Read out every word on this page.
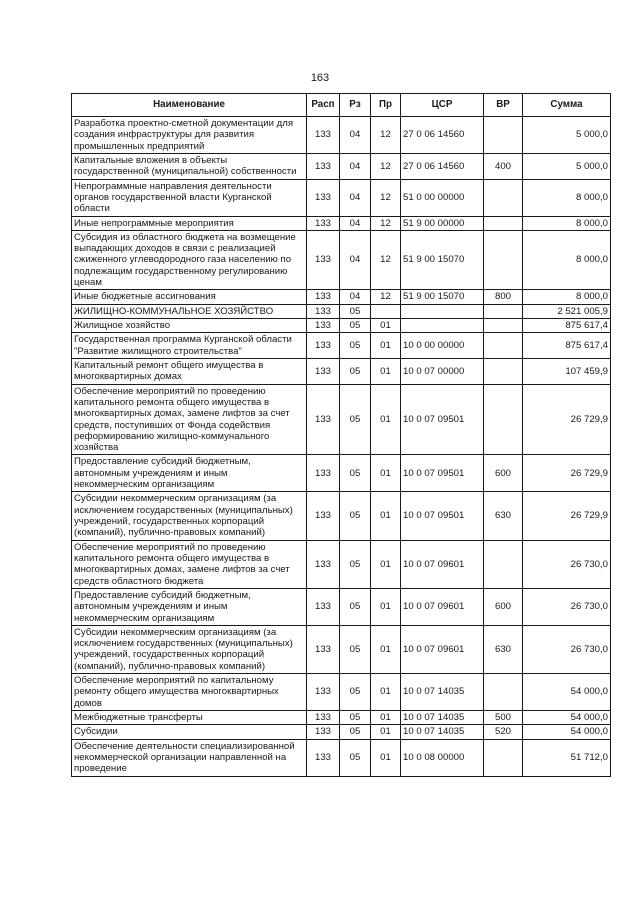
163
Наименование	Расп	Рз	Пр	ЦСР	ВР	Сумма
Разработка проектно-сметной документации для создания инфраструктуры для развития промышленных предприятий	133	04	12	27 0 06 14560		5 000,0
Капитальные вложения в объекты государственной (муниципальной) собственности	133	04	12	27 0 06 14560	400	5 000,0
Непрограммные направления деятельности органов государственной власти Курганской области	133	04	12	51 0 00 00000		8 000,0
Иные непрограммные мероприятия	133	04	12	51 9 00 00000		8 000,0
Субсидия из областного бюджета на возмещение выпадающих доходов в связи с реализацией сжиженного углеводородного газа населению по подлежащим государственному регулированию ценам	133	04	12	51 9 00 15070		8 000,0
Иные бюджетные ассигнования	133	04	12	51 9 00 15070	800	8 000,0
ЖИЛИЩНО-КОММУНАЛЬНОЕ ХОЗЯЙСТВО	133	05				2 521 005,9
Жилищное хозяйство	133	05	01			875 617,4
Государственная программа Курганской области "Развитие жилищного строительства"	133	05	01	10 0 00 00000		875 617,4
Капитальный ремонт общего имущества в многоквартирных домах	133	05	01	10 0 07 00000		107 459,9
Обеспечение мероприятий по проведению капитального ремонта общего имущества в многоквартирных домах, замене лифтов за счет средств, поступивших от Фонда содействия реформированию жилищно-коммунального хозяйства	133	05	01	10 0 07 09501		26 729,9
Предоставление субсидий бюджетным, автономным учреждениям и иным некоммерческим организациям	133	05	01	10 0 07 09501	600	26 729,9
Субсидии некоммерческим организациям (за исключением государственных (муниципальных) учреждений, государственных корпораций (компаний), публично-правовых компаний)	133	05	01	10 0 07 09501	630	26 729,9
Обеспечение мероприятий по проведению капитального ремонта общего имущества в многоквартирных домах, замене лифтов за счет средств областного бюджета	133	05	01	10 0 07 09601		26 730,0
Предоставление субсидий бюджетным, автономным учреждениям и иным некоммерческим организациям	133	05	01	10 0 07 09601	600	26 730,0
Субсидии некоммерческим организациям (за исключением государственных (муниципальных) учреждений, государственных корпораций (компаний), публично-правовых компаний)	133	05	01	10 0 07 09601	630	26 730,0
Обеспечение мероприятий по капитальному ремонту общего имущества многоквартирных домов	133	05	01	10 0 07 14035		54 000,0
Межбюджетные трансферты	133	05	01	10 0 07 14035	500	54 000,0
Субсидии	133	05	01	10 0 07 14035	520	54 000,0
Обеспечение деятельности специализированной некоммерческой организации направленной на проведение	133	05	01	10 0 08 00000		51 712,0
